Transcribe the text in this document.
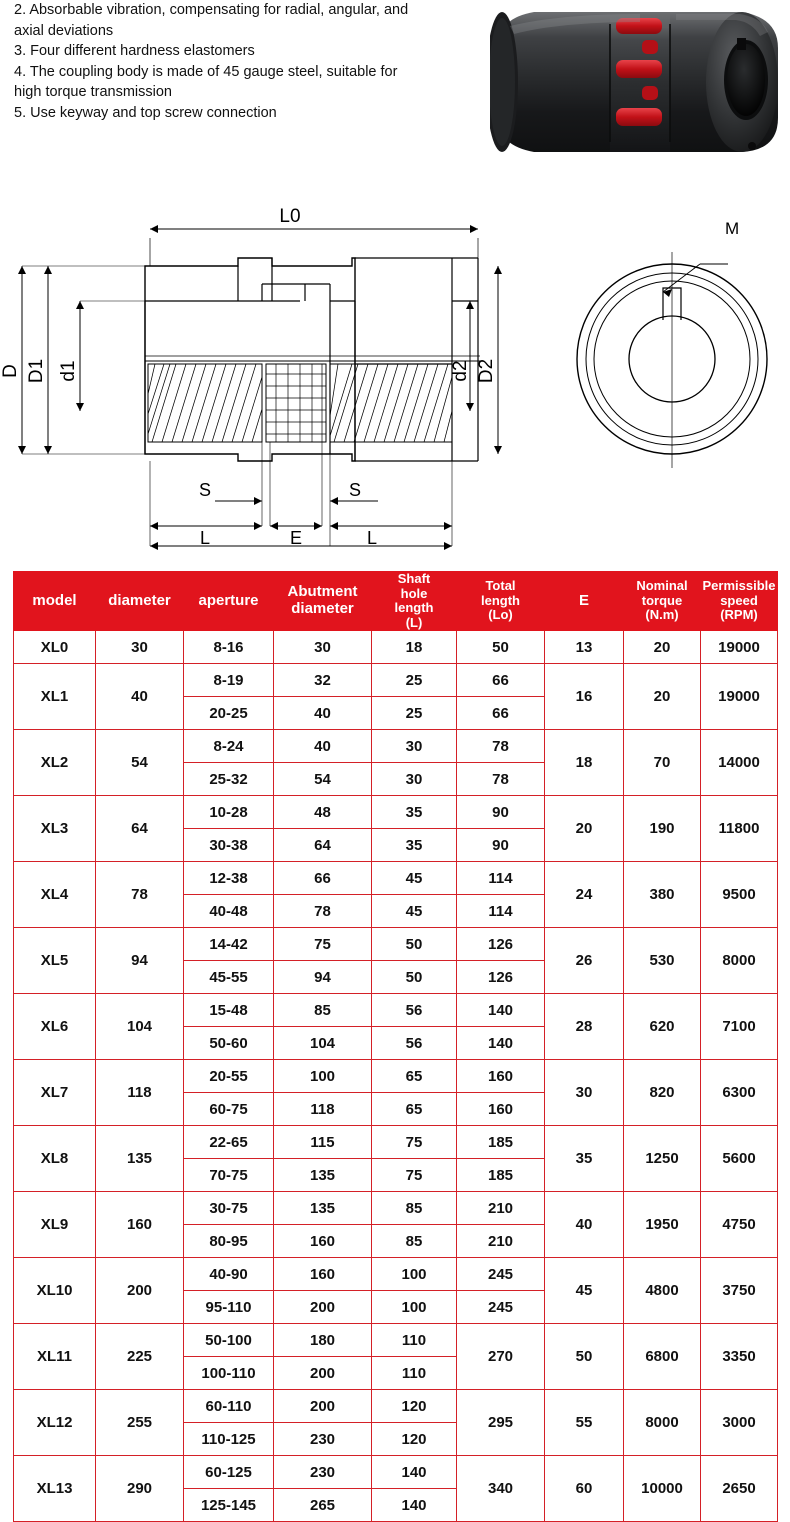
2. Absorbable vibration, compensating for radial, angular, and
axial deviations
3. Four different hardness elastomers
4. The coupling body is made of 45 gauge steel, suitable for
high torque transmission
5. Use keyway and top screw connection
L0
M
D D1 d1	d2 D2
S	S
L	E	L
model	diameter	aperture	Abutment
diameter	Shaft
hole
length
(L)	Total
length
(Lo)	E	Nominal
torque
(N.m)	Permissible
speed
(RPM)
XL0	30	8-16	30	18	50	13	20	19000
XL1	40	8-19	32	25	66	16	20	19000
		20-25	40	25	66			
XL2	54	8-24	40	30	78	18	70	14000
		25-32	54	30	78			
XL3	64	10-28	48	35	90	20	190	11800
		30-38	64	35	90			
XL4	78	12-38	66	45	114	24	380	9500
		40-48	78	45	114			
XL5	94	14-42	75	50	126	26	530	8000
		45-55	94	50	126			
XL6	104	15-48	85	56	140	28	620	7100
		50-60	104	56	140			
XL7	118	20-55	100	65	160	30	820	6300
		60-75	118	65	160			
XL8	135	22-65	115	75	185	35	1250	5600
		70-75	135	75	185			
XL9	160	30-75	135	85	210	40	1950	4750
		80-95	160	85	210			
XL10	200	40-90	160	100	245	45	4800	3750
		95-110	200	100	245			
XL11	225	50-100	180	110	270	50	6800	3350
		100-110	200	110				
XL12	255	60-110	200	120	295	55	8000	3000
		110-125	230	120				
XL13	290	60-125	230	140	340	60	10000	2650
		125-145	265	140				
